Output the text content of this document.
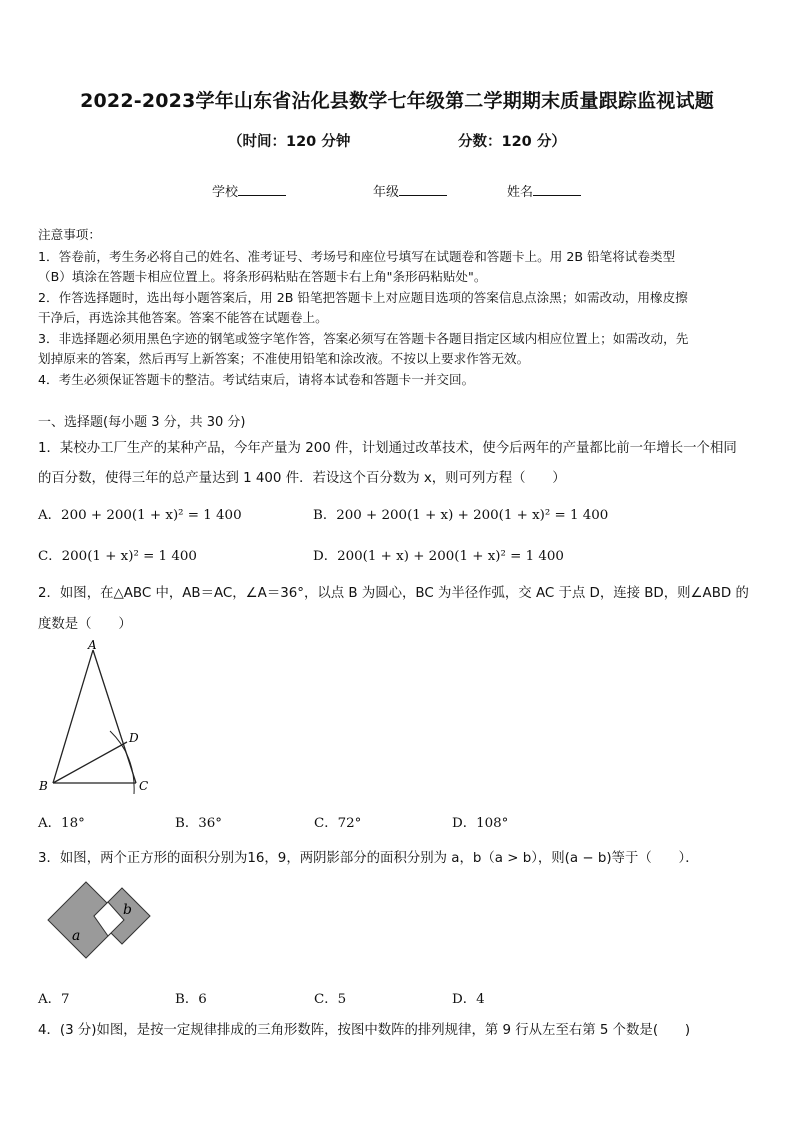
2022-2023学年山东省沾化县数学七年级第二学期期末质量跟踪监视试题
（时间：120 分钟	分数：120 分）
学校	年级	姓名
注意事项：
1．答卷前，考生务必将自己的姓名、准考证号、考场号和座位号填写在试题卷和答题卡上。用 2B 铅笔将试卷类型
（B）填涂在答题卡相应位置上。将条形码粘贴在答题卡右上角"条形码粘贴处"。
2．作答选择题时，选出每小题答案后，用 2B 铅笔把答题卡上对应题目选项的答案信息点涂黑；如需改动，用橡皮擦
干净后，再选涂其他答案。答案不能答在试题卷上。
3．非选择题必须用黑色字迹的钢笔或签字笔作答，答案必须写在答题卡各题目指定区域内相应位置上；如需改动，先
划掉原来的答案，然后再写上新答案；不准使用铅笔和涂改液。不按以上要求作答无效。
4．考生必须保证答题卡的整洁。考试结束后，请将本试卷和答题卡一并交回。
一、选择题(每小题 3 分，共 30 分)
1．某校办工厂生产的某种产品，今年产量为 200 件，计划通过改革技术，使今后两年的产量都比前一年增长一个相同
的百分数，使得三年的总产量达到 1 400 件．若设这个百分数为 x，则可列方程（　　）
A．200 + 200(1 + x)² = 1 400	B．200 + 200(1 + x) + 200(1 + x)² = 1 400
C．200(1 + x)² = 1 400	D．200(1 + x) + 200(1 + x)² = 1 400
2．如图，在△ABC 中，AB＝AC，∠A＝36°，以点 B 为圆心，BC 为半径作弧，交 AC 于点 D，连接 BD，则∠ABD 的
度数是（　　）
A
B	C
D
A．18°	B．36°	C．72°	D．108°
3．如图，两个正方形的面积分别为16，9，两阴影部分的面积分别为 a，b（a > b），则(a − b)等于（　　）．
a
b
A．7	B．6	C．5	D．4
4．(3 分)如图，是按一定规律排成的三角形数阵，按图中数阵的排列规律，第 9 行从左至右第 5 个数是(　　)
